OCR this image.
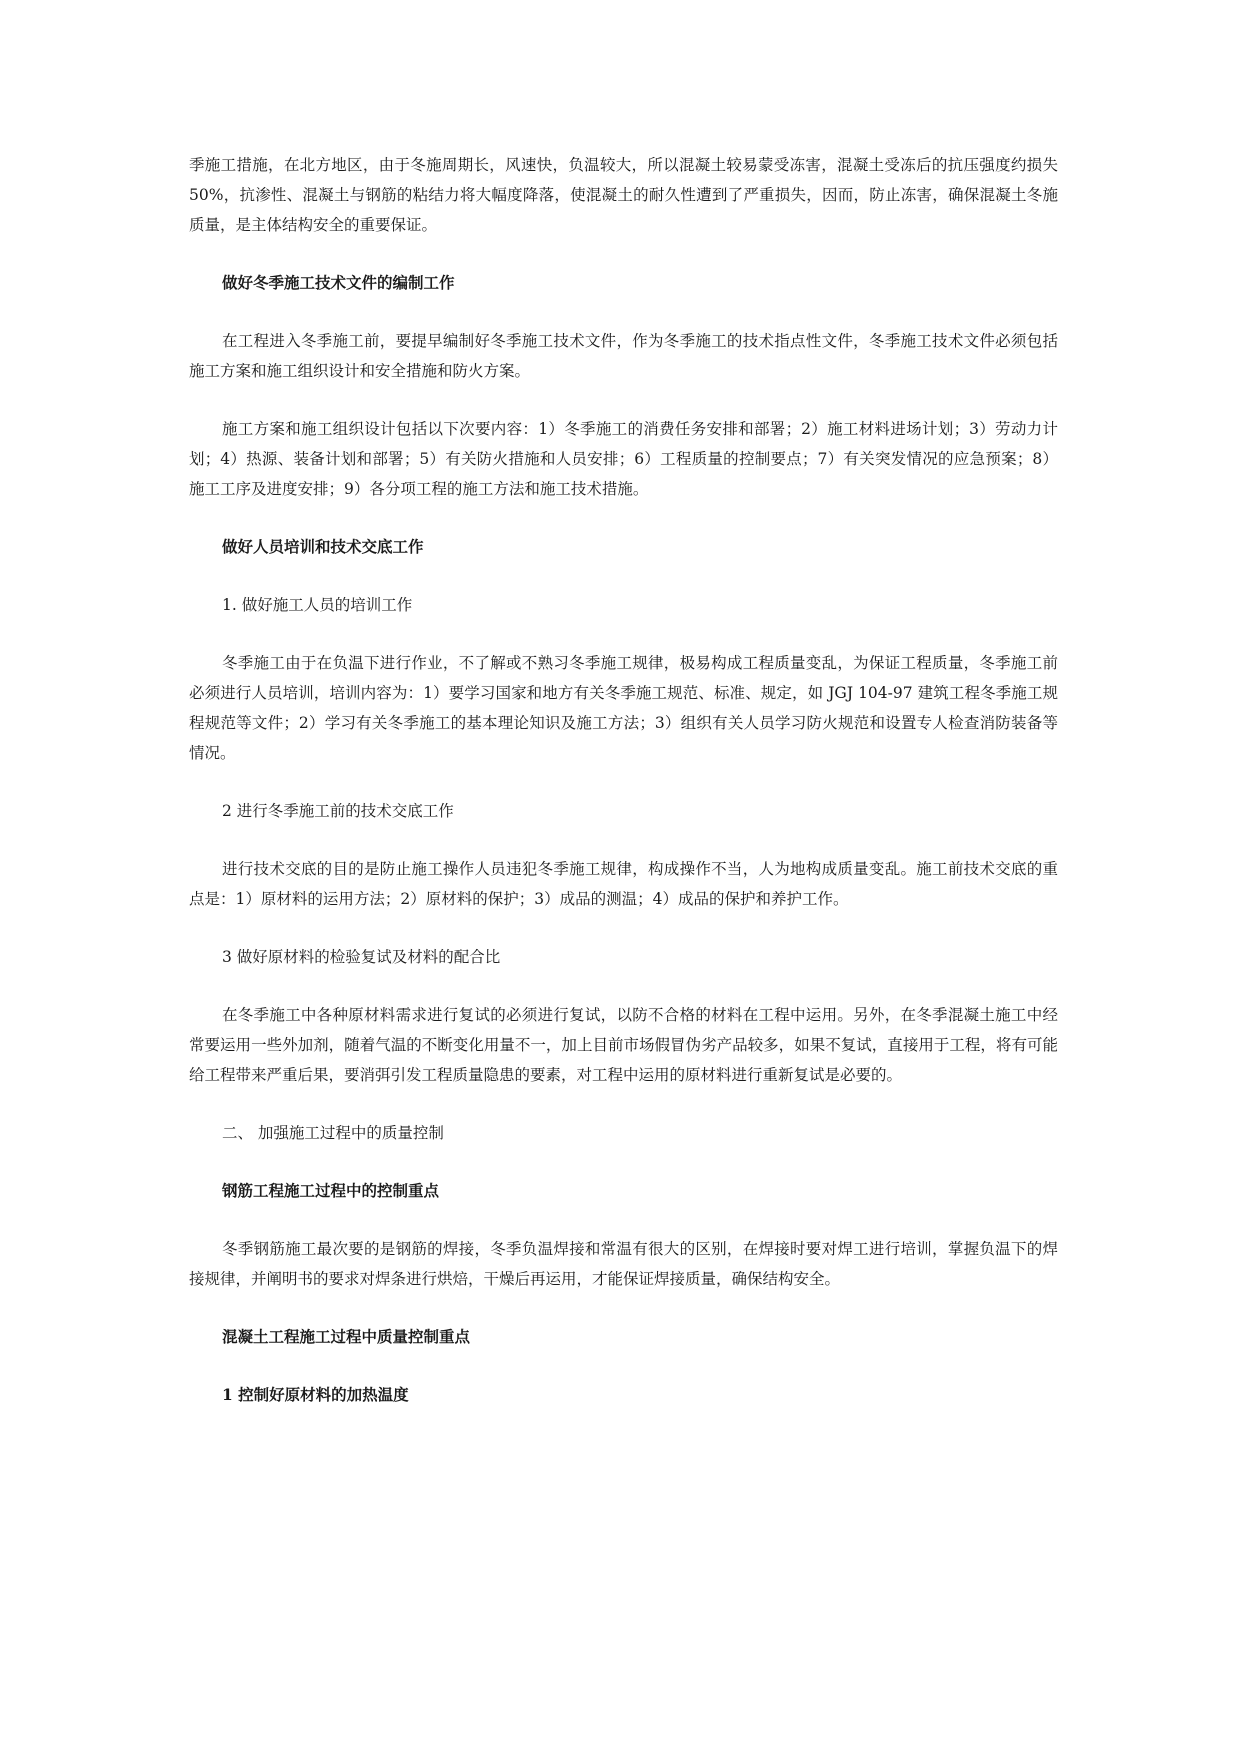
季施工措施，在北方地区，由于冬施周期长，风速快，负温较大，所以混凝土较易蒙受冻害，混凝土受冻后的抗压强度约损失 50%，抗渗性、混凝土与钢筋的粘结力将大幅度降落，使混凝土的耐久性遭到了严重损失，因而，防止冻害，确保混凝土冬施质量，是主体结构安全的重要保证。

做好冬季施工技术文件的编制工作

在工程进入冬季施工前，要提早编制好冬季施工技术文件，作为冬季施工的技术指点性文件，冬季施工技术文件必须包括施工方案和施工组织设计和安全措施和防火方案。

施工方案和施工组织设计包括以下次要内容：1）冬季施工的消费任务安排和部署；2）施工材料进场计划；3）劳动力计划；4）热源、装备计划和部署；5）有关防火措施和人员安排；6）工程质量的控制要点；7）有关突发情况的应急预案；8）施工工序及进度安排；9）各分项工程的施工方法和施工技术措施。

做好人员培训和技术交底工作

1. 做好施工人员的培训工作

冬季施工由于在负温下进行作业，不了解或不熟习冬季施工规律，极易构成工程质量变乱，为保证工程质量，冬季施工前必须进行人员培训，培训内容为：1）要学习国家和地方有关冬季施工规范、标准、规定，如 JGJ 104-97 建筑工程冬季施工规程规范等文件；2）学习有关冬季施工的基本理论知识及施工方法；3）组织有关人员学习防火规范和设置专人检查消防装备等情况。

2 进行冬季施工前的技术交底工作

进行技术交底的目的是防止施工操作人员违犯冬季施工规律，构成操作不当，人为地构成质量变乱。施工前技术交底的重点是：1）原材料的运用方法；2）原材料的保护；3）成品的测温；4）成品的保护和养护工作。

3 做好原材料的检验复试及材料的配合比

在冬季施工中各种原材料需求进行复试的必须进行复试，以防不合格的材料在工程中运用。另外，在冬季混凝土施工中经常要运用一些外加剂，随着气温的不断变化用量不一，加上目前市场假冒伪劣产品较多，如果不复试，直接用于工程，将有可能给工程带来严重后果，要消弭引发工程质量隐患的要素，对工程中运用的原材料进行重新复试是必要的。

二、 加强施工过程中的质量控制

钢筋工程施工过程中的控制重点

冬季钢筋施工最次要的是钢筋的焊接，冬季负温焊接和常温有很大的区别，在焊接时要对焊工进行培训，掌握负温下的焊接规律，并阐明书的要求对焊条进行烘焙，干燥后再运用，才能保证焊接质量，确保结构安全。

混凝土工程施工过程中质量控制重点

1 控制好原材料的加热温度
